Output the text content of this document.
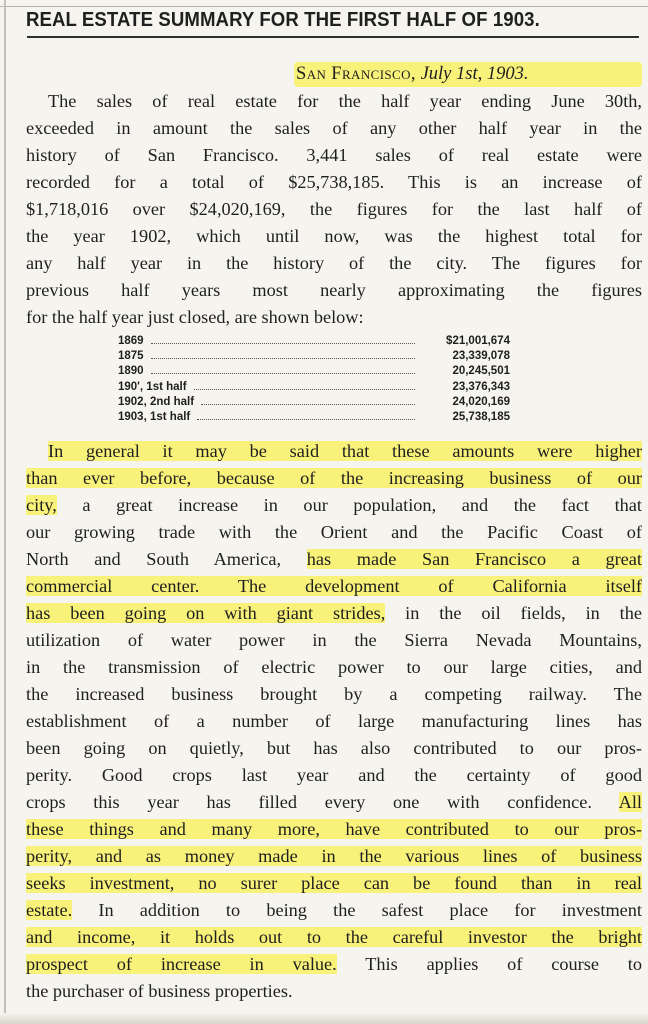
REAL ESTATE SUMMARY FOR THE FIRST HALF OF 1903.
San Francisco, July 1st, 1903.
The sales of real estate for the half year ending June 30th,
exceeded in amount the sales of any other half year in the
history of San Francisco. 3,441 sales of real estate were
recorded for a total of $25,738,185. This is an increase of
$1,718,016 over $24,020,169, the figures for the last half of
the year 1902, which until now, was the highest total for
any half year in the history of the city. The figures for
previous half years most nearly approximating the figures
for the half year just closed, are shown below:
1869	$21,001,674
1875	23,339,078
1890	20,245,501
190', 1st half	23,376,343
1902, 2nd half	24,020,169
1903, 1st half	25,738,185
In general it may be said that these amounts were higher
than ever before, because of the increasing business of our
city, a great increase in our population, and the fact that
our growing trade with the Orient and the Pacific Coast of
North and South America, has made San Francisco a great
commercial center. The development of California itself
has been going on with giant strides, in the oil fields, in the
utilization of water power in the Sierra Nevada Mountains,
in the transmission of electric power to our large cities, and
the increased business brought by a competing railway. The
establishment of a number of large manufacturing lines has
been going on quietly, but has also contributed to our pros-
perity. Good crops last year and the certainty of good
crops this year has filled every one with confidence. All
these things and many more, have contributed to our pros-
perity, and as money made in the various lines of business
seeks investment, no surer place can be found than in real
estate. In addition to being the safest place for investment
and income, it holds out to the careful investor the bright
prospect of increase in value. This applies of course to
the purchaser of business properties.
